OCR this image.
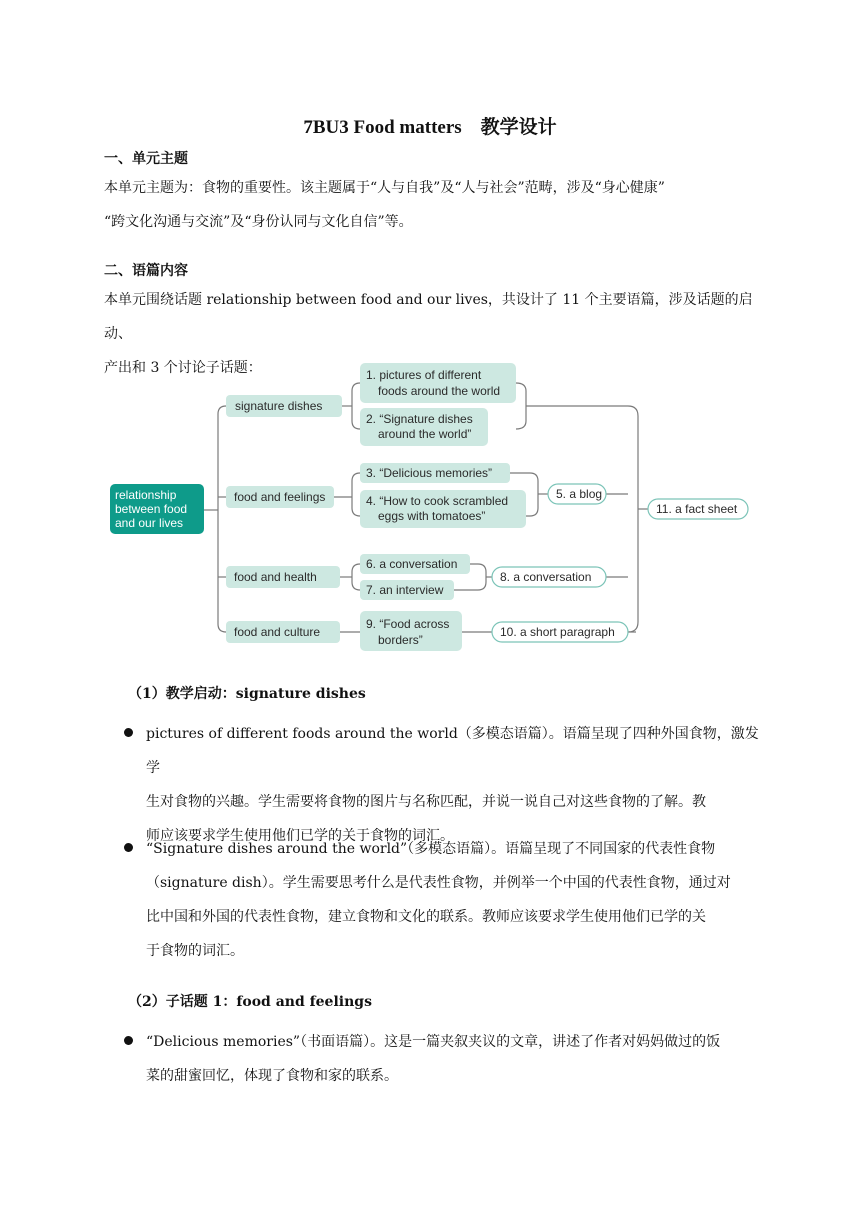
7BU3 Food matters　教学设计
一、单元主题
本单元主题为：食物的重要性。该主题属于“人与自我”及“人与社会”范畴，涉及“身心健康”
“跨文化沟通与交流”及“身份认同与文化自信”等。
二、语篇内容
本单元围绕话题 relationship between food and our lives，共设计了 11 个主要语篇，涉及话题的启动、
产出和 3 个讨论子话题：
relationship
between food
and our lives
signature dishes
food and feelings
food and health
food and culture
1. pictures of different
foods around the world
2. “Signature dishes
around the world”
3. “Delicious memories”
4. “How to cook scrambled
eggs with tomatoes”
5. a blog
6. a conversation
7. an interview
8. a conversation
9. “Food across
borders”
10. a short paragraph
11. a fact sheet
（1）教学启动：signature dishes
pictures of different foods around the world（多模态语篇）。语篇呈现了四种外国食物，激发学
生对食物的兴趣。学生需要将食物的图片与名称匹配，并说一说自己对这些食物的了解。教
师应该要求学生使用他们已学的关于食物的词汇。
“Signature dishes around the world”（多模态语篇）。语篇呈现了不同国家的代表性食物
（signature dish）。学生需要思考什么是代表性食物，并例举一个中国的代表性食物，通过对
比中国和外国的代表性食物，建立食物和文化的联系。教师应该要求学生使用他们已学的关
于食物的词汇。
（2）子话题 1：food and feelings
“Delicious memories”（书面语篇）。这是一篇夹叙夹议的文章，讲述了作者对妈妈做过的饭
菜的甜蜜回忆，体现了食物和家的联系。
